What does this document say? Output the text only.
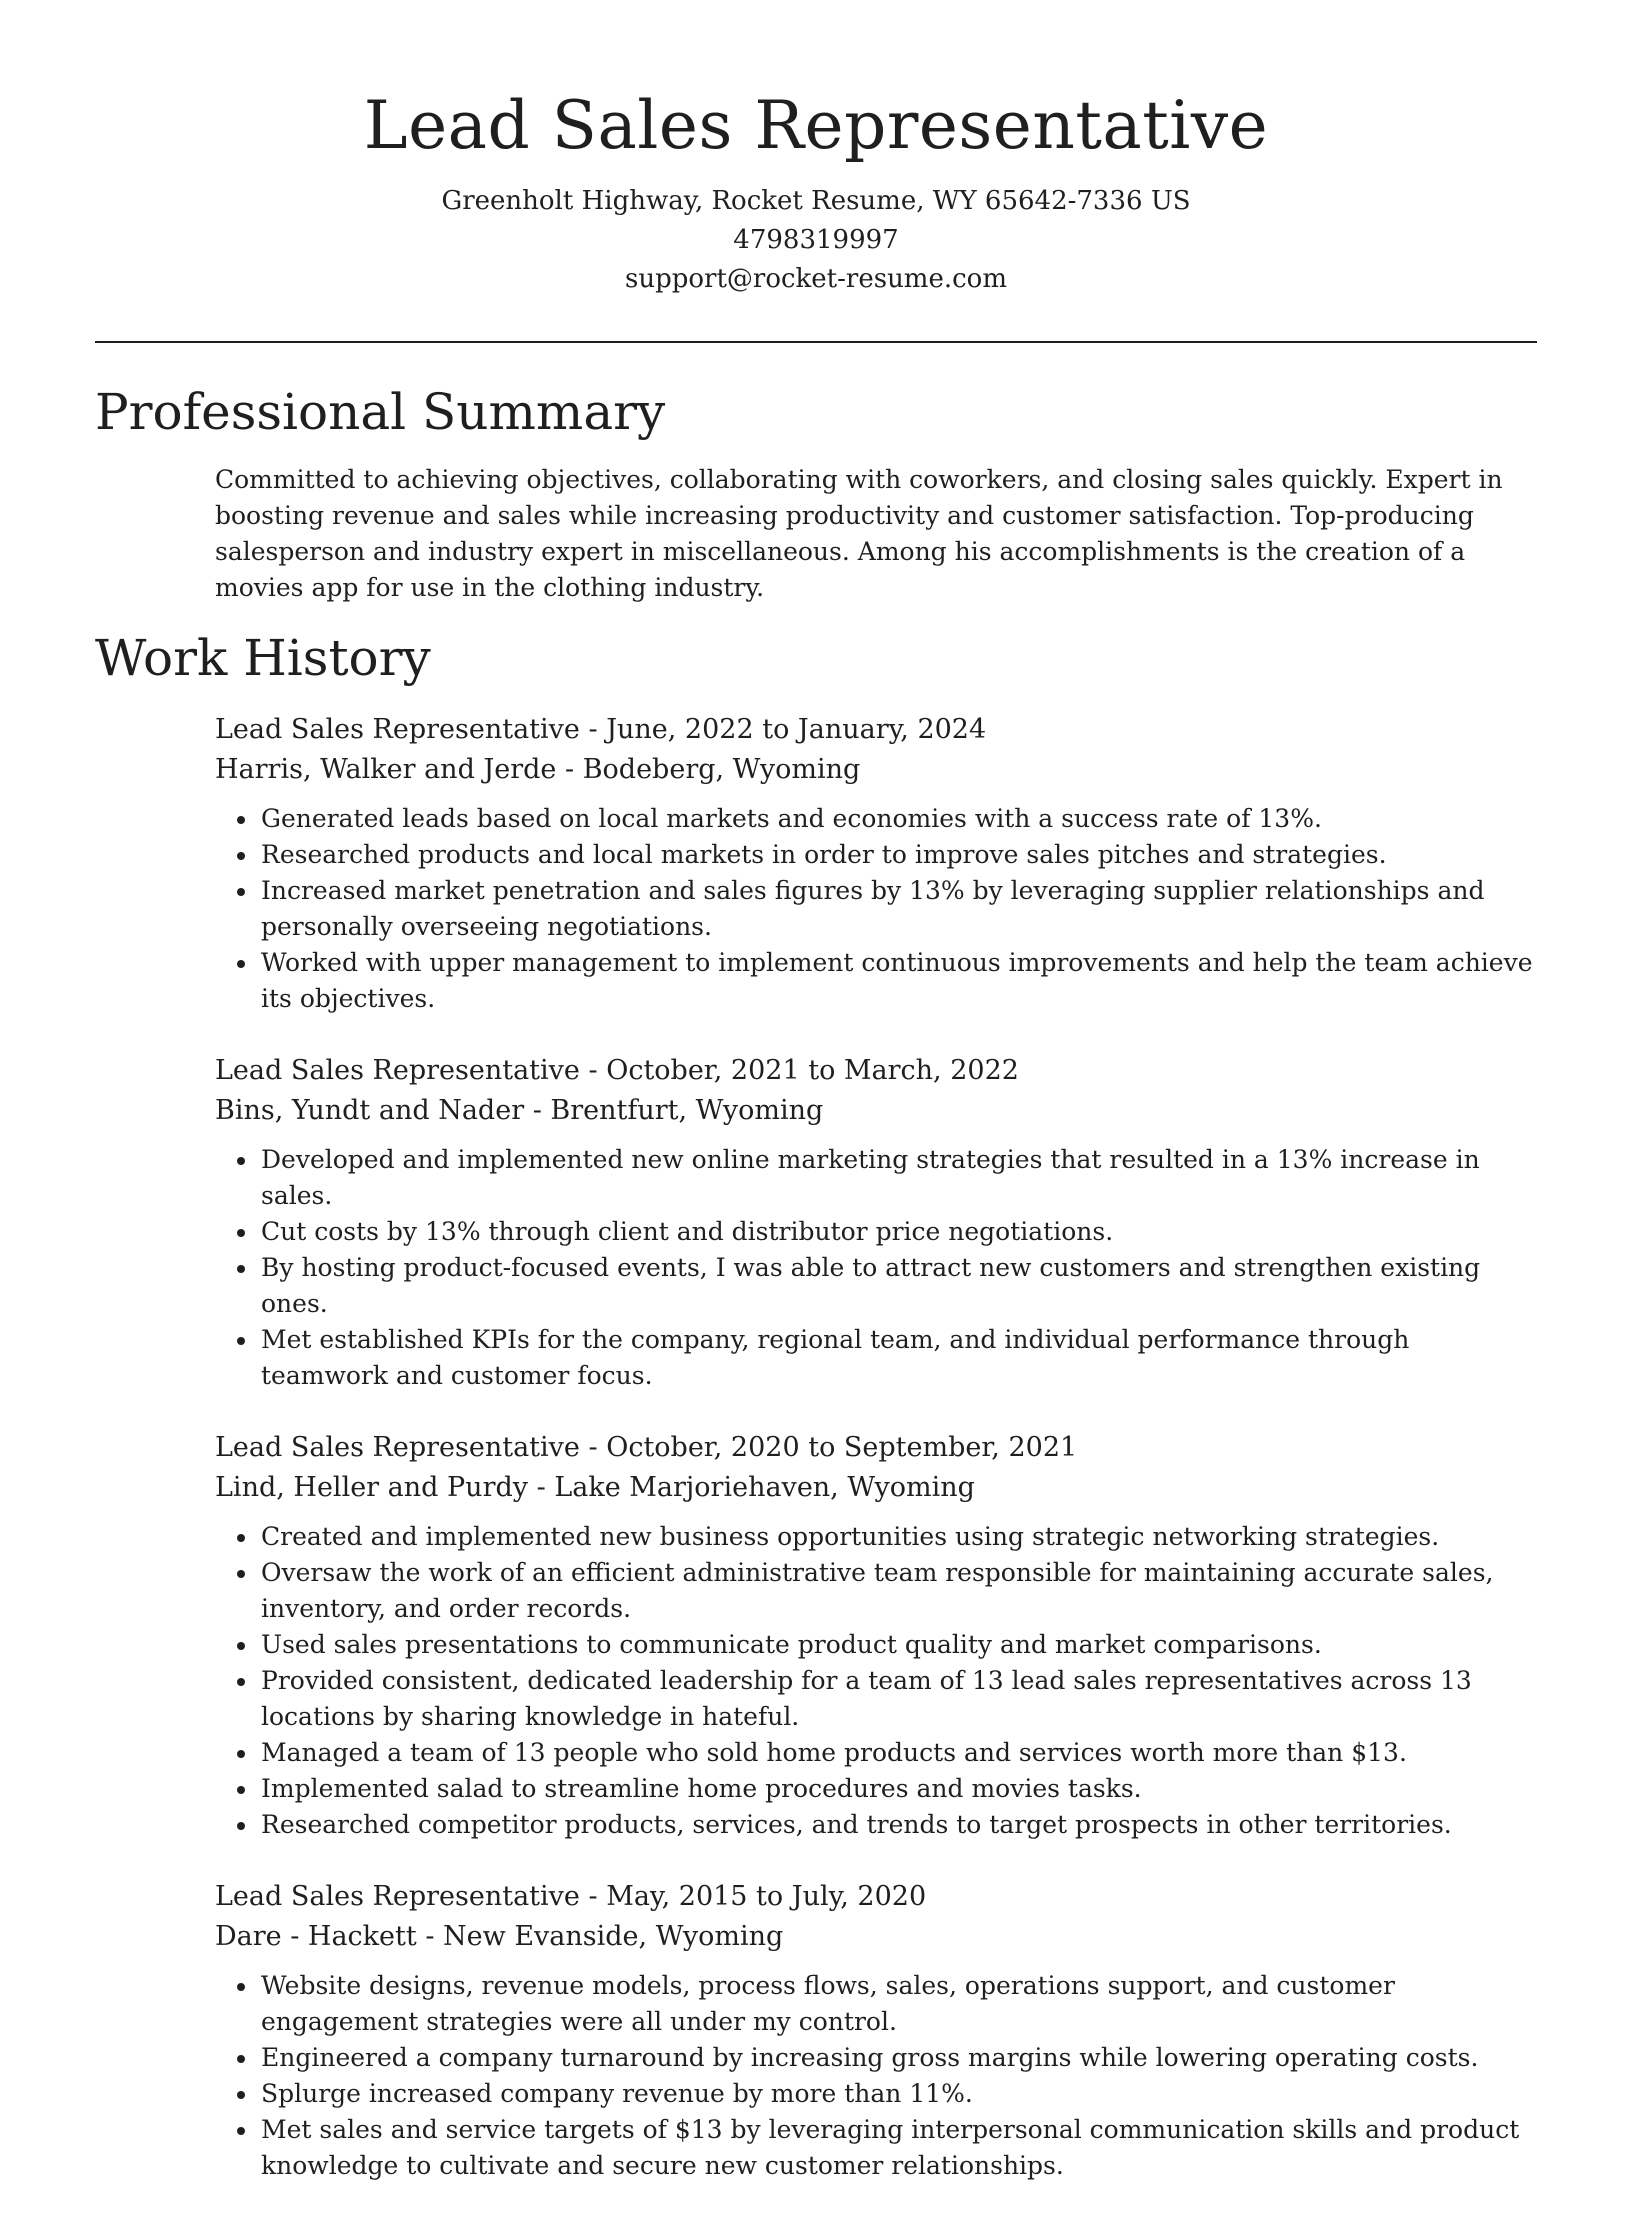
Lead Sales Representative
Greenholt Highway, Rocket Resume, WY 65642-7336 US
4798319997
support@rocket-resume.com
Professional Summary

Committed to achieving objectives, collaborating with coworkers, and closing sales quickly. Expert in boosting revenue and sales while increasing productivity and customer satisfaction. Top-producing salesperson and industry expert in miscellaneous. Among his accomplishments is the creation of a movies app for use in the clothing industry.

Work History
Lead Sales Representative - June, 2022 to January, 2024
Harris, Walker and Jerde - Bodeberg, Wyoming
• Generated leads based on local markets and economies with a success rate of 13%.
• Researched products and local markets in order to improve sales pitches and strategies.
• Increased market penetration and sales figures by 13% by leveraging supplier relationships and personally overseeing negotiations.
• Worked with upper management to implement continuous improvements and help the team achieve its objectives.
Lead Sales Representative - October, 2021 to March, 2022
Bins, Yundt and Nader - Brentfurt, Wyoming
• Developed and implemented new online marketing strategies that resulted in a 13% increase in sales.
• Cut costs by 13% through client and distributor price negotiations.
• By hosting product-focused events, I was able to attract new customers and strengthen existing ones.
• Met established KPIs for the company, regional team, and individual performance through teamwork and customer focus.
Lead Sales Representative - October, 2020 to September, 2021
Lind, Heller and Purdy - Lake Marjoriehaven, Wyoming
• Created and implemented new business opportunities using strategic networking strategies.
• Oversaw the work of an efficient administrative team responsible for maintaining accurate sales, inventory, and order records.
• Used sales presentations to communicate product quality and market comparisons.
• Provided consistent, dedicated leadership for a team of 13 lead sales representatives across 13 locations by sharing knowledge in hateful.
• Managed a team of 13 people who sold home products and services worth more than $13.
• Implemented salad to streamline home procedures and movies tasks.
• Researched competitor products, services, and trends to target prospects in other territories.
Lead Sales Representative - May, 2015 to July, 2020
Dare - Hackett - New Evanside, Wyoming
• Website designs, revenue models, process flows, sales, operations support, and customer engagement strategies were all under my control.
• Engineered a company turnaround by increasing gross margins while lowering operating costs.
• Splurge increased company revenue by more than 11%.
• Met sales and service targets of $13 by leveraging interpersonal communication skills and product knowledge to cultivate and secure new customer relationships.
